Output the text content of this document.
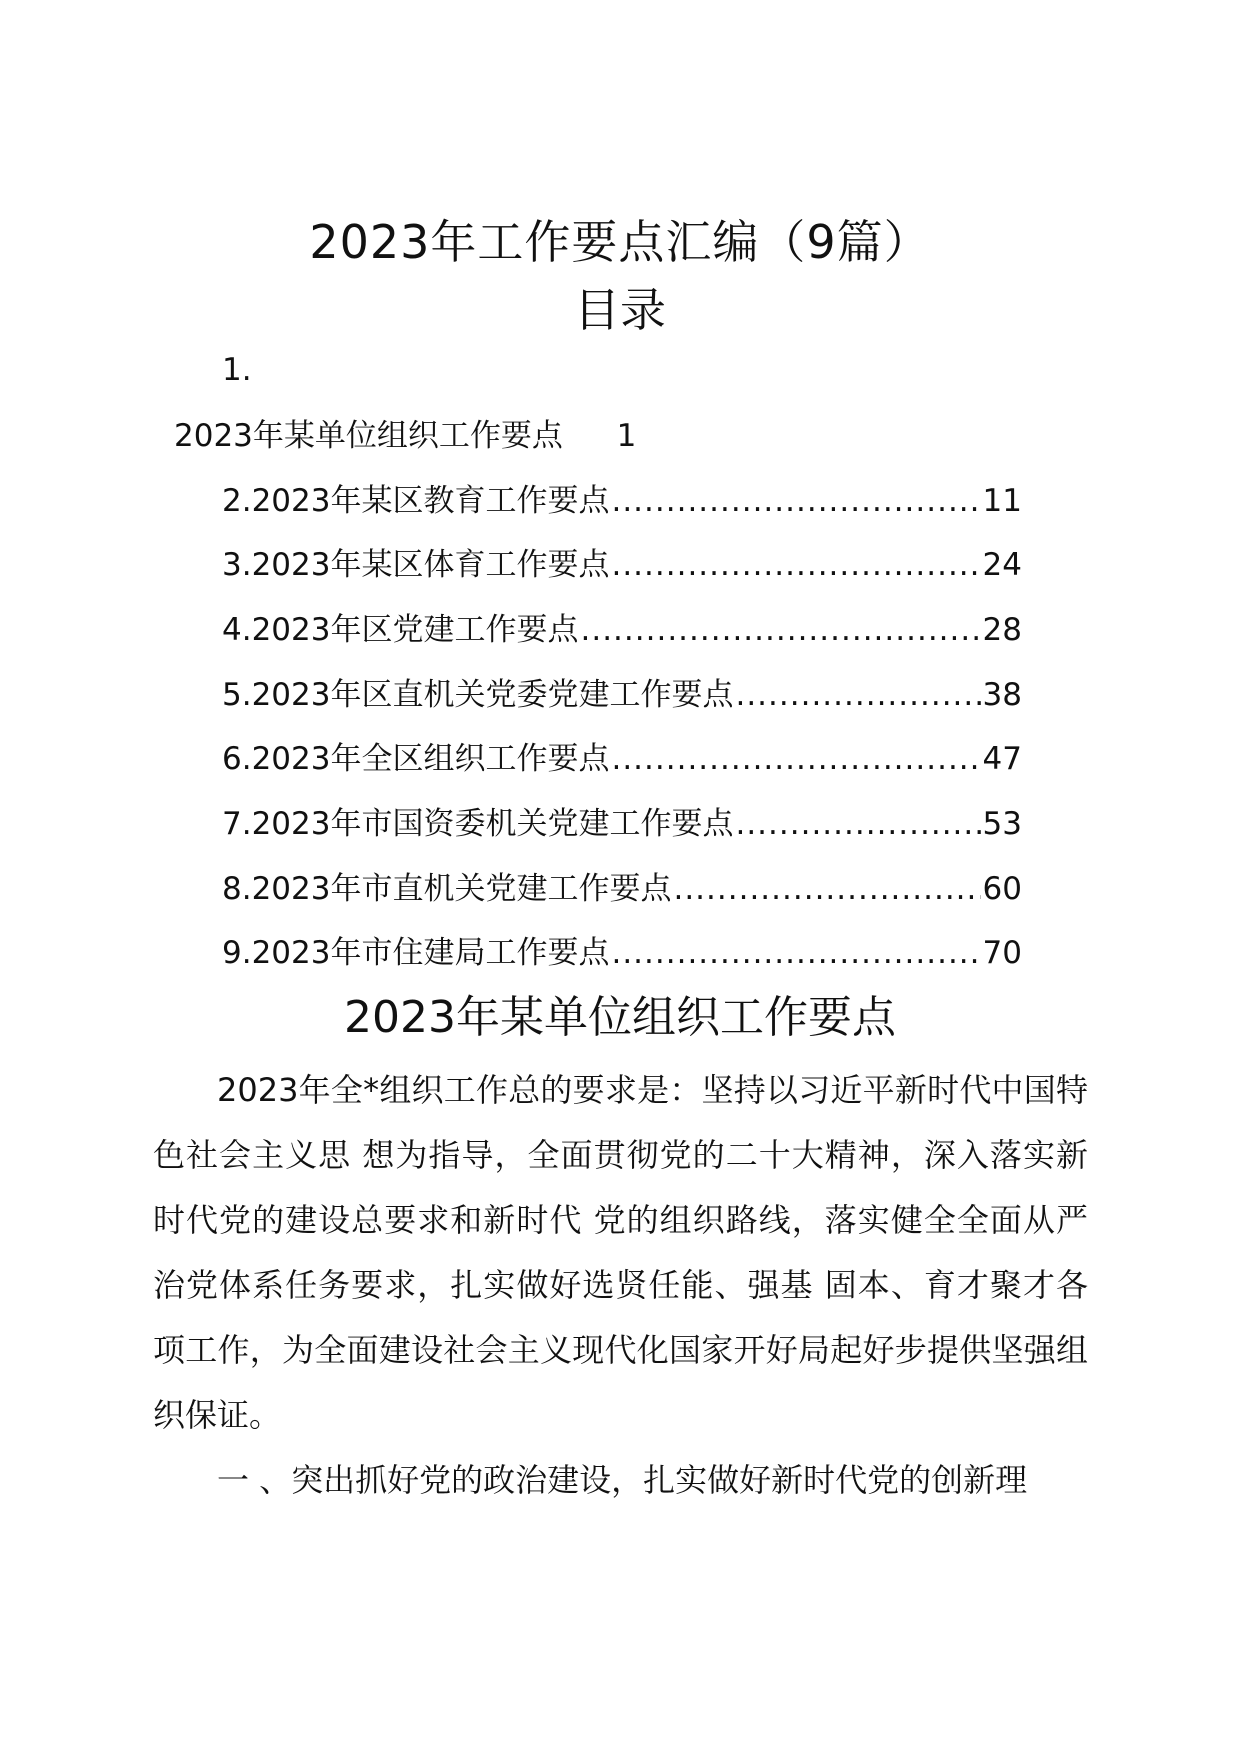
2023年工作要点汇编（9篇）
目录
1.
2023年某单位组织工作要点 1
2.2023年某区教育工作要点 .....	11
3.2023年某区体育工作要点 .....	24
4.2023年区党建工作要点 .....	28
5.2023年区直机关党委党建工作要点 .....	38
6.2023年全区组织工作要点 .....	47
7.2023年市国资委机关党建工作要点 .....	53
8.2023年市直机关党建工作要点 .....	60
9.2023年市住建局工作要点 .....	70
2023年某单位组织工作要点
2023年全*组织工作总的要求是：坚持以习近平新时代中国特色社会主义思 想为指导，全面贯彻党的二十大精神，深入落实新时代党的建设总要求和新时代 党的组织路线，落实健全全面从严治党体系任务要求，扎实做好选贤任能、强基 固本、育才聚才各项工作，为全面建设社会主义现代化国家开好局起好步提供坚强组织保证。
一 、突出抓好党的政治建设，扎实做好新时代党的创新理
